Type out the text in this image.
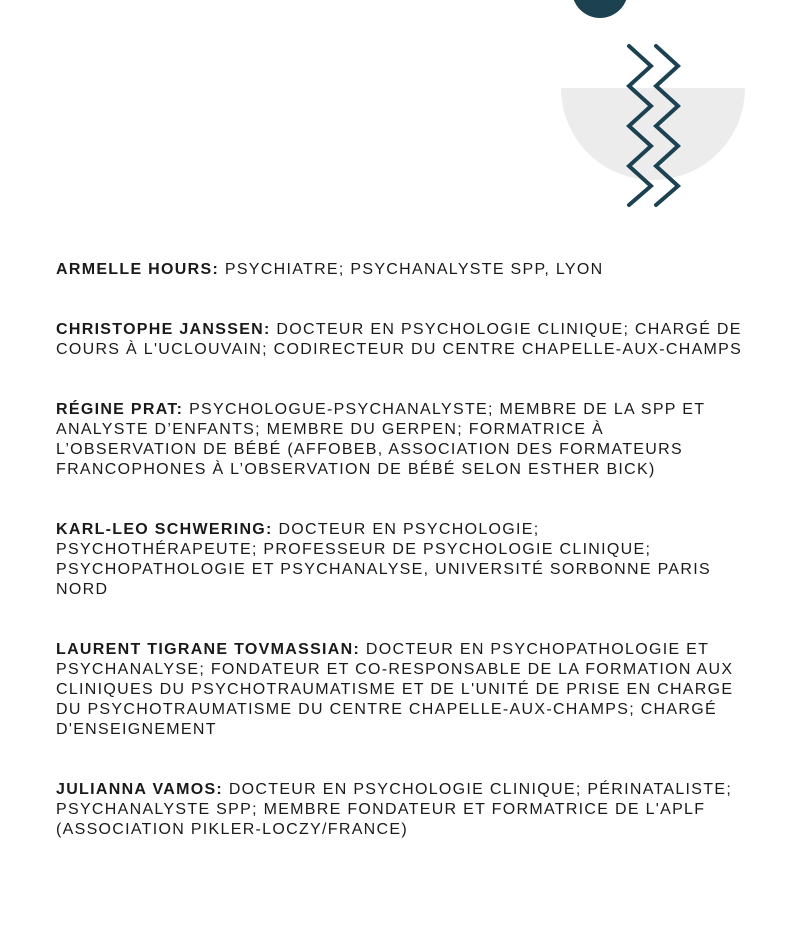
ARMELLE HOURS: PSYCHIATRE; PSYCHANALYSTE SPP, LYON
CHRISTOPHE JANSSEN: DOCTEUR EN PSYCHOLOGIE CLINIQUE; CHARGÉ DE COURS À L'UCLOUVAIN; CODIRECTEUR DU CENTRE CHAPELLE-AUX-CHAMPS
RÉGINE PRAT: PSYCHOLOGUE-PSYCHANALYSTE; MEMBRE DE LA SPP ET ANALYSTE D’ENFANTS; MEMBRE DU GERPEN; FORMATRICE À L’OBSERVATION DE BÉBÉ (AFFOBEB, ASSOCIATION DES FORMATEURS FRANCOPHONES À L’OBSERVATION DE BÉBÉ SELON ESTHER BICK)
KARL-LEO SCHWERING: DOCTEUR EN PSYCHOLOGIE; PSYCHOTHÉRAPEUTE; PROFESSEUR DE PSYCHOLOGIE CLINIQUE; PSYCHOPATHOLOGIE ET PSYCHANALYSE, UNIVERSITÉ SORBONNE PARIS NORD
LAURENT TIGRANE TOVMASSIAN: DOCTEUR EN PSYCHOPATHOLOGIE ET PSYCHANALYSE; FONDATEUR ET CO-RESPONSABLE DE LA FORMATION AUX CLINIQUES DU PSYCHOTRAUMATISME ET DE L'UNITÉ DE PRISE EN CHARGE DU PSYCHOTRAUMATISME DU CENTRE CHAPELLE-AUX-CHAMPS; CHARGÉ D'ENSEIGNEMENT
JULIANNA VAMOS: DOCTEUR EN PSYCHOLOGIE CLINIQUE; PÉRINATALISTE; PSYCHANALYSTE SPP; MEMBRE FONDATEUR ET FORMATRICE DE L'APLF (ASSOCIATION PIKLER-LOCZY/FRANCE)
